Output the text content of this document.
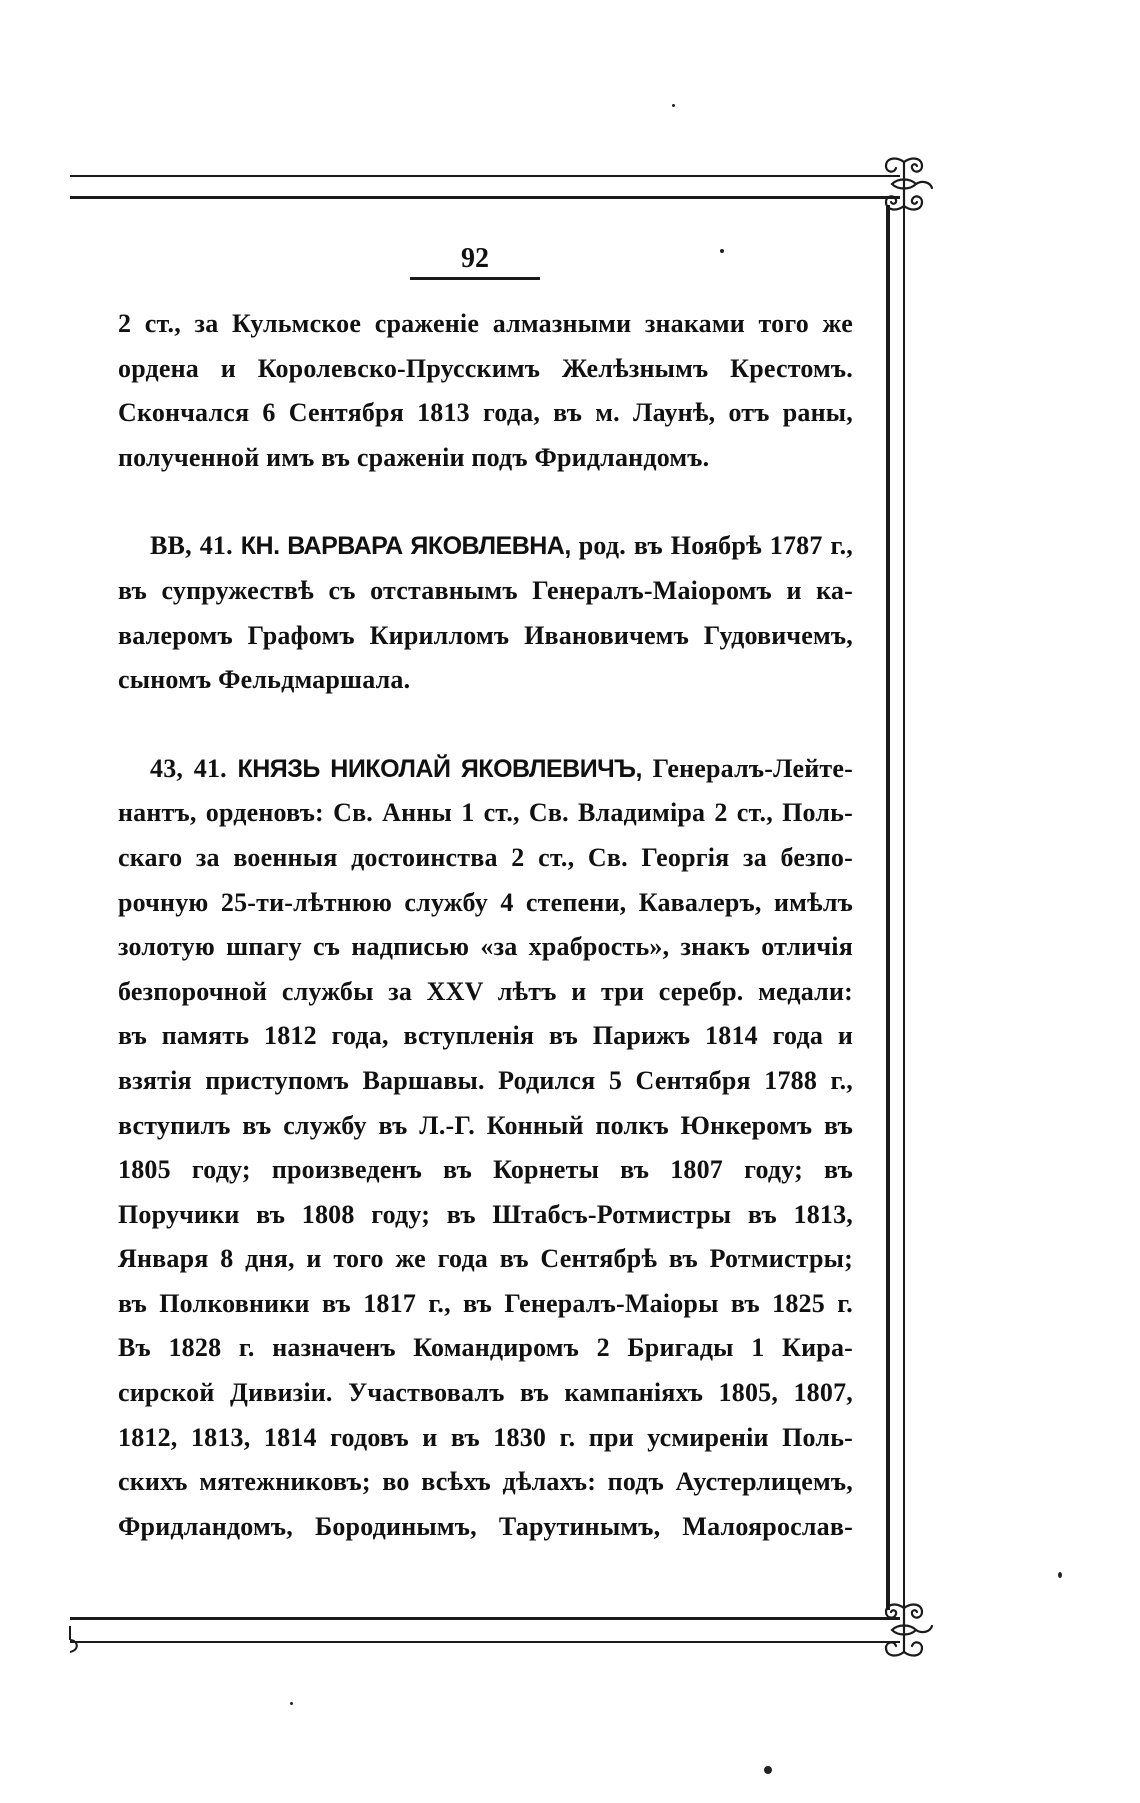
92
2 ст., за Кульмское сраженіе алмазными знаками того же
ордена и Королевско-Прусскимъ Желѣзнымъ Крестомъ.
Скончался 6 Сентября 1813 года, въ м. Лаунѣ, отъ раны,
полученной имъ въ сраженіи подъ Фридландомъ.
ВВ, 41. КН. ВАРВАРА ЯКОВЛЕВНА, род. въ Ноябрѣ 1787 г.,
въ супружествѣ съ отставнымъ Генералъ-Маіоромъ и ка-
валеромъ Графомъ Кирилломъ Ивановичемъ Гудовичемъ,
сыномъ Фельдмаршала.
43, 41. КНЯЗЬ НИКОЛАЙ ЯКОВЛЕВИЧЪ, Генералъ-Лейте-
нантъ, орденовъ: Св. Анны 1 ст., Св. Владиміра 2 ст., Поль-
скаго за военныя достоинства 2 ст., Св. Георгія за безпо-
рочную 25-ти-лѣтнюю службу 4 степени, Кавалеръ, имѣлъ
золотую шпагу съ надписью «за храбрость», знакъ отличія
безпорочной службы за XXV лѣтъ и три серебр. медали:
въ память 1812 года, вступленія въ Парижъ 1814 года и
взятія приступомъ Варшавы. Родился 5 Сентября 1788 г.,
вступилъ въ службу въ Л.-Г. Конный полкъ Юнкеромъ въ
1805 году; произведенъ въ Корнеты въ 1807 году; въ
Поручики въ 1808 году; въ Штабсъ-Ротмистры въ 1813,
Января 8 дня, и того же года въ Сентябрѣ въ Ротмистры;
въ Полковники въ 1817 г., въ Генералъ-Маіоры въ 1825 г.
Въ 1828 г. назначенъ Командиромъ 2 Бригады 1 Кира-
сирской Дивизіи. Участвовалъ въ кампаніяхъ 1805, 1807,
1812, 1813, 1814 годовъ и въ 1830 г. при усмиреніи Поль-
скихъ мятежниковъ; во всѣхъ дѣлахъ: подъ Аустерлицемъ,
Фридландомъ, Бородинымъ, Тарутинымъ, Малоярослав-
